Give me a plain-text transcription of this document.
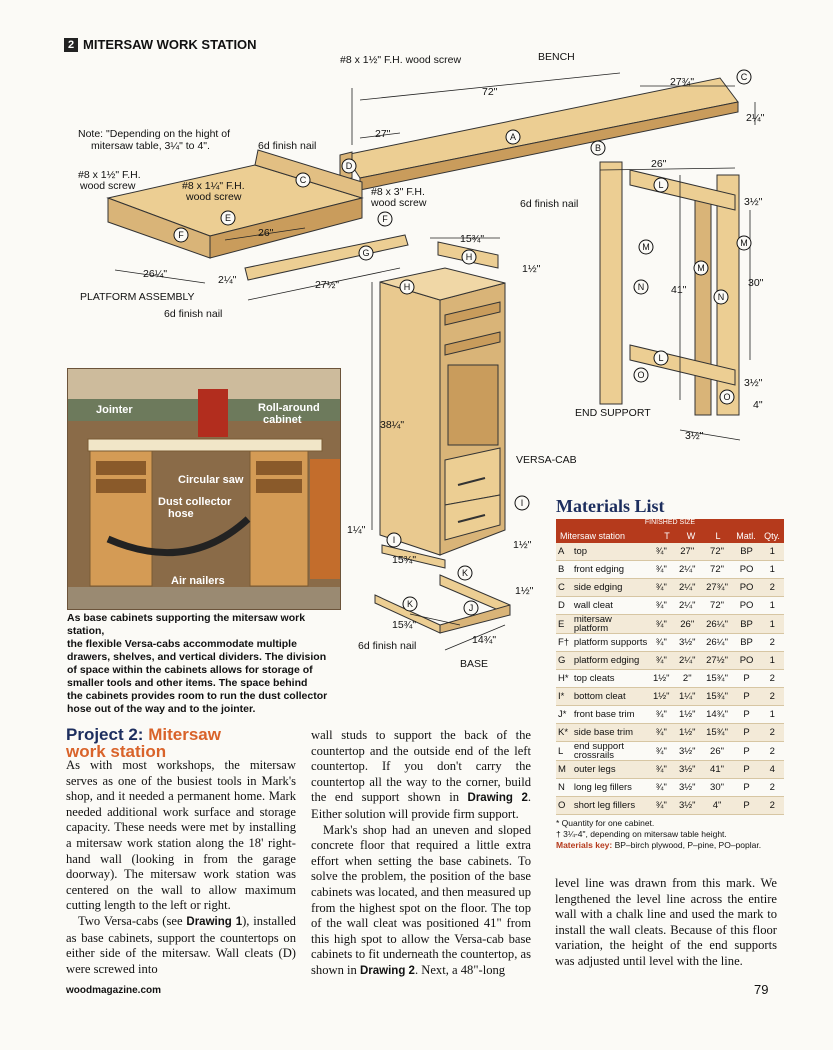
2 MITERSAW WORK STATION
A
B
C
C
D
E
F
F
G	H
H
I
I
J
K
K
L
L
M
M
M
N
N
O
O
Note: "Depending on the hight of
mitersaw table, 3¼" to 4".
#8 x 1½" F.H. wood screw	BENCH
6d finish nail
6d finish nail
#8 x 1½" F.H.
wood screw	#8 x 1¼" F.H.
wood screw	#8 x 3" F.H.
wood screw
PLATFORM ASSEMBLY
6d finish nail
VERSA-CAB
END SUPPORT
6d finish nail
BASE
72"
27"
27¾"
2¼"
26"
26¼"	2¼"	27½"
15¾"
1½"
38¼"
26"
3½"
41"
30"
3½"
4"
3½"
1¼"
15¾"
1½"
1½"
15¾"
14¾"
Jointer	Roll-around
cabinet
Circular saw
Dust collector
hose
Air nailers
As base cabinets supporting the mitersaw work station,
the flexible Versa-cabs accommodate multiple
drawers, shelves, and vertical dividers. The division
of space within the cabinets allows for storage of
smaller tools and other items. The space behind
the cabinets provides room to run the dust collector
hose out of the way and to the jointer.
Project 2: Mitersaw
work station

As with most workshops, the mitersaw serves as one of the busiest tools in Mark's shop, and it needed a permanent home. Mark needed additional work surface and storage capacity. These needs were met by installing a mitersaw work station along the 18' right-hand wall (looking in from the garage doorway). The mitersaw work station was centered on the wall to allow maximum cutting length to the left or right.

Two Versa-cabs (see Drawing 1), installed as base cabinets, support the countertops on either side of the mitersaw. Wall cleats (D) were screwed into

wall studs to support the back of the countertop and the outside end of the left countertop. If you don't carry the countertop all the way to the corner, build the end support shown in Drawing 2. Either solution will provide firm support.

Mark's shop had an uneven and sloped concrete floor that required a little extra effort when setting the base cabinets. To solve the problem, the position of the base cabinets was located, and then measured up from the highest spot on the floor. The top of the wall cleat was positioned 41" from this high spot to allow the Versa-cab base cabinets to fit underneath the countertop, as shown in Drawing 2. Next, a 48"-long

level line was drawn from this mark. We lengthened the level line across the entire wall with a chalk line and used the mark to install the wall cleats. Because of this floor variation, the height of the end supports was adjusted until level with the line.

Materials List
FINISHED SIZE
Mitersaw station	T	W	L	Matl. Qty.
A	top	¾"	27"	72"	BP	1
B	front edging	¾"	2¼"	72"	PO	1
C	side edging	¾"	2¼"	27¾"	PO	2
D	wall cleat	¾"	2¼"	72"	PO	1
E	mitersaw platform	¾"	26"	26¼"	BP	1
F†	platform supports	¾"	3½"	26¼"	BP	2
G	platform edging	¾"	2¼"	27½"	PO	1
H*	top cleats	1½"	2"	15¾"	P	2
I*	bottom cleat	1½"	1¼"	15¾"	P	2
J*	front base trim	¾"	1½"	14¾"	P	1
K*	side base trim	¾"	1½"	15¾"	P	2
L	end support crossrails	¾"	3½"	26"	P	2
M	outer legs	¾"	3½"	41"	P	4
N	long leg fillers	¾"	3½"	30"	P	2
O	short leg fillers	¾"	3½"	4"	P	2
* Quantity for one cabinet.
† 3¼-4", depending on mitersaw table height.
Materials key: BP–birch plywood, P–pine, PO–poplar.
woodmagazine.com	79
